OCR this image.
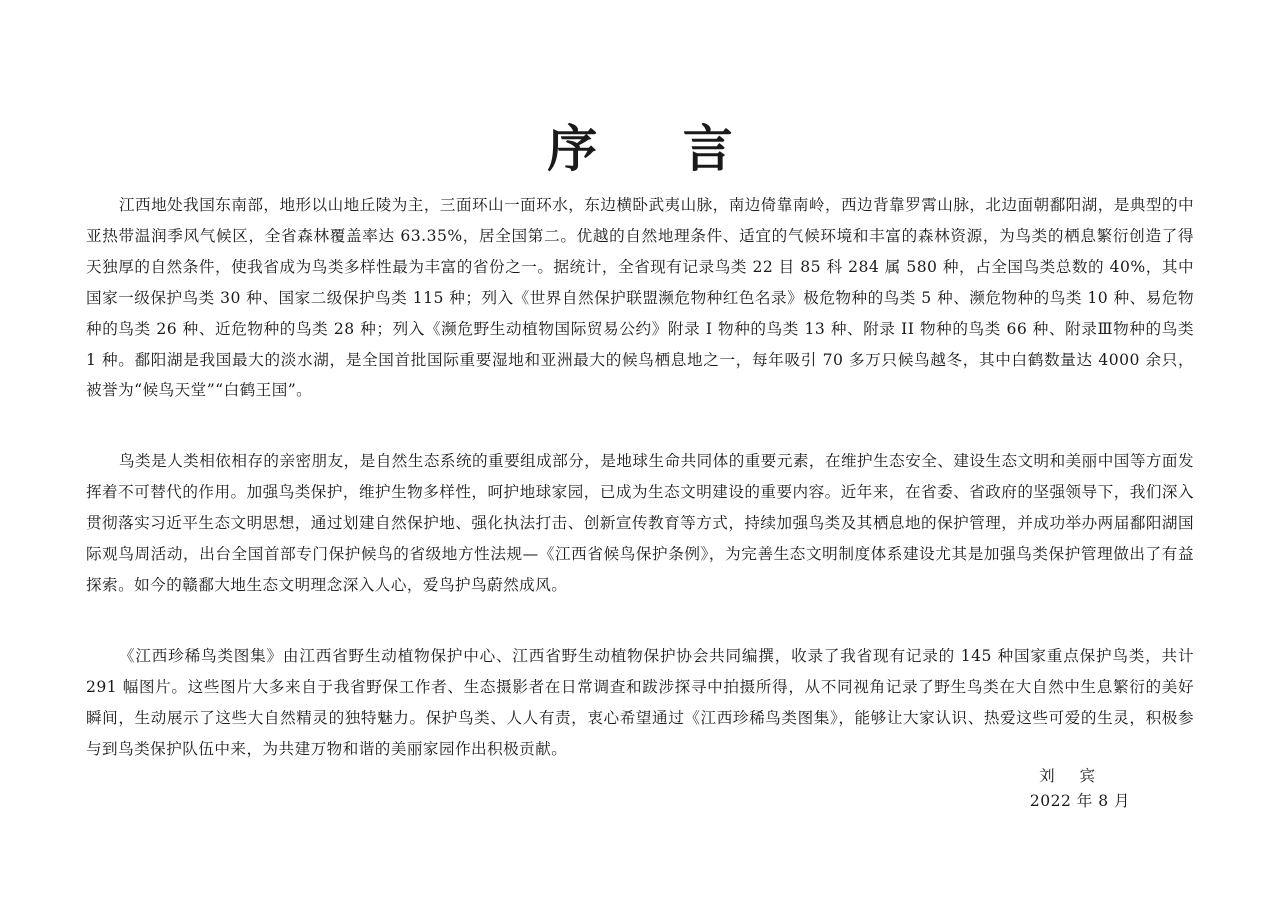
序 言

江西地处我国东南部，地形以山地丘陵为主，三面环山一面环水，东边横卧武夷山脉，南边倚靠南岭，西边背靠罗霄山脉，北边面朝鄱阳湖，是典型的中亚热带温润季风气候区，全省森林覆盖率达 63.35%，居全国第二。优越的自然地理条件、适宜的气候环境和丰富的森林资源，为鸟类的栖息繁衍创造了得天独厚的自然条件，使我省成为鸟类多样性最为丰富的省份之一。据统计，全省现有记录鸟类 22 目 85 科 284 属 580 种，占全国鸟类总数的 40%，其中国家一级保护鸟类 30 种、国家二级保护鸟类 115 种；列入《世界自然保护联盟濒危物种红色名录》极危物种的鸟类 5 种、濒危物种的鸟类 10 种、易危物种的鸟类 26 种、近危物种的鸟类 28 种；列入《濒危野生动植物国际贸易公约》附录 I 物种的鸟类 13 种、附录 II 物种的鸟类 66 种、附录Ⅲ物种的鸟类 1 种。鄱阳湖是我国最大的淡水湖，是全国首批国际重要湿地和亚洲最大的候鸟栖息地之一，每年吸引 70 多万只候鸟越冬，其中白鹤数量达 4000 余只，被誉为“候鸟天堂”“白鹤王国”。

鸟类是人类相依相存的亲密朋友，是自然生态系统的重要组成部分，是地球生命共同体的重要元素，在维护生态安全、建设生态文明和美丽中国等方面发挥着不可替代的作用。加强鸟类保护，维护生物多样性，呵护地球家园，已成为生态文明建设的重要内容。近年来，在省委、省政府的坚强领导下，我们深入贯彻落实习近平生态文明思想，通过划建自然保护地、强化执法打击、创新宣传教育等方式，持续加强鸟类及其栖息地的保护管理，并成功举办两届鄱阳湖国际观鸟周活动，出台全国首部专门保护候鸟的省级地方性法规—《江西省候鸟保护条例》，为完善生态文明制度体系建设尤其是加强鸟类保护管理做出了有益探索。如今的赣鄱大地生态文明理念深入人心，爱鸟护鸟蔚然成风。

《江西珍稀鸟类图集》由江西省野生动植物保护中心、江西省野生动植物保护协会共同编撰，收录了我省现有记录的 145 种国家重点保护鸟类，共计 291 幅图片。这些图片大多来自于我省野保工作者、生态摄影者在日常调查和跋涉探寻中拍摄所得，从不同视角记录了野生鸟类在大自然中生息繁衍的美好瞬间，生动展示了这些大自然精灵的独特魅力。保护鸟类、人人有责，衷心希望通过《江西珍稀鸟类图集》，能够让大家认识、热爱这些可爱的生灵，积极参与到鸟类保护队伍中来，为共建万物和谐的美丽家园作出积极贡献。

刘 宾
2022 年 8 月
